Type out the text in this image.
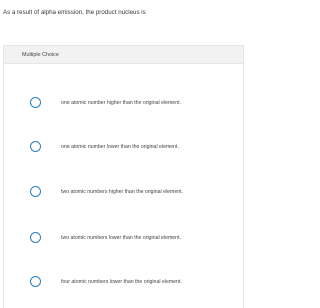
As a result of alpha emission, the product nucleus is
Multiple Choice
one atomic number higher than the original element.
one atomic number lower than the original element.
two atomic numbers higher than the original element.
two atomic numbers lower than the original element.
four atomic numbers lower than the original element.
